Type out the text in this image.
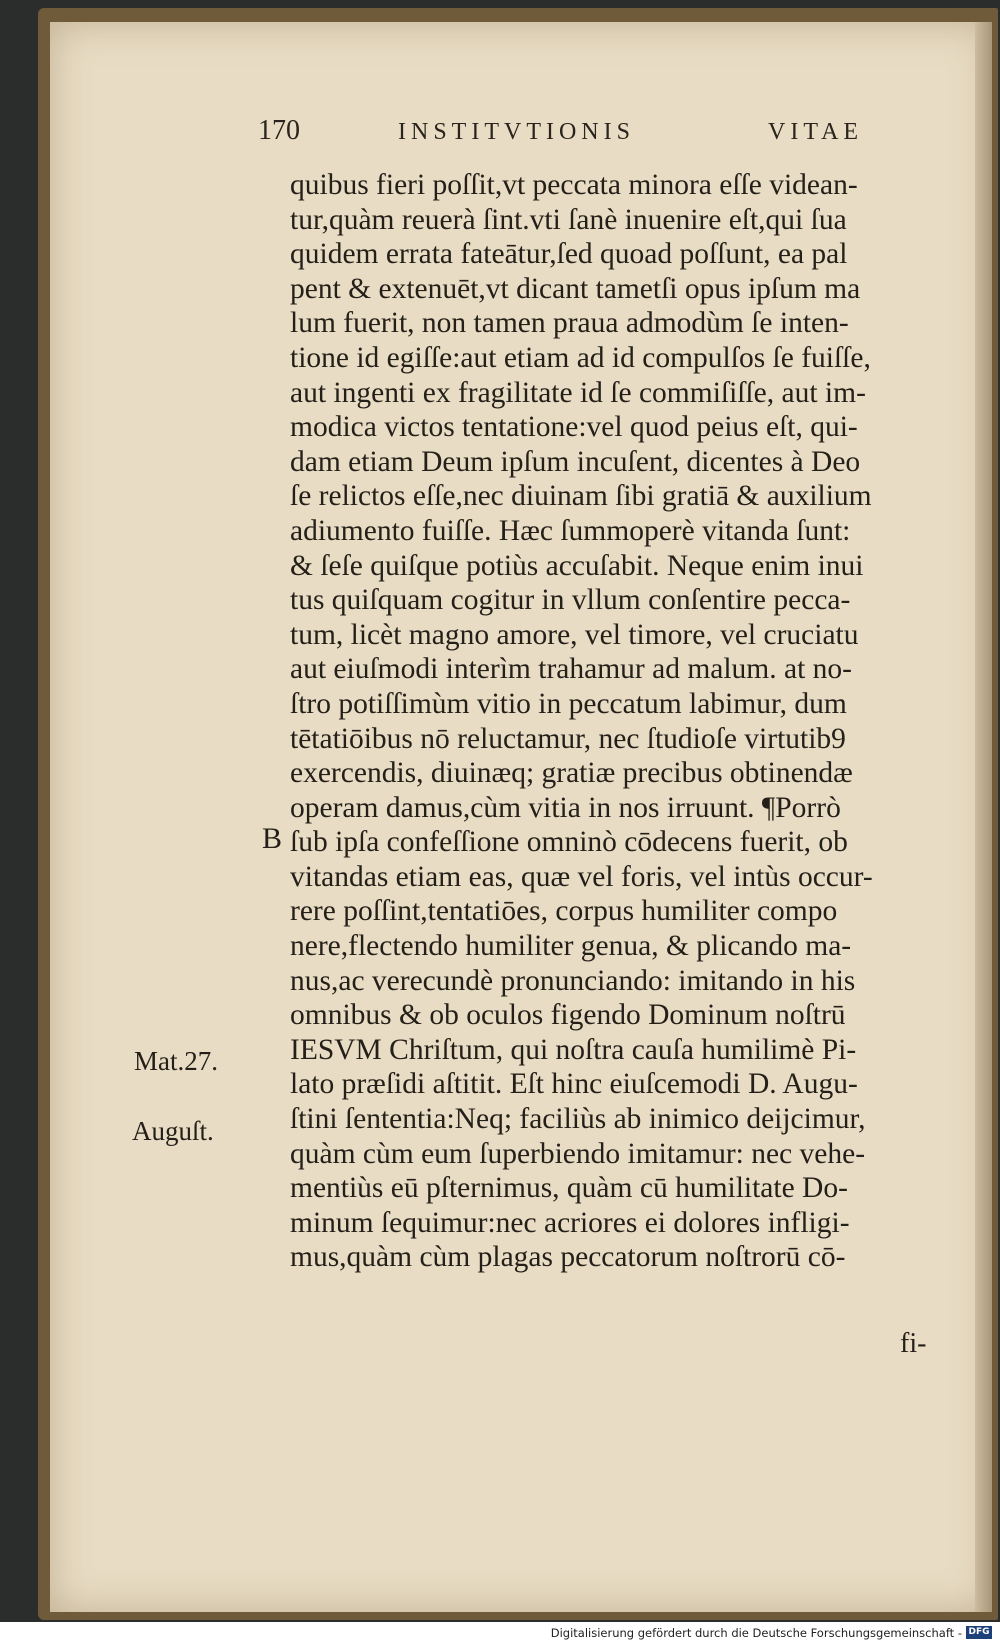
170	INSTITVTIONIS	VITAE
B
Mat.27.
Auguſt.
quibus fieri poſſit,vt peccata minora eſſe videan-
tur,quàm reuerà ſint.vti ſanè inuenire eſt,qui ſua
quidem errata fateātur,ſed quoad poſſunt, ea pal
pent & extenuēt,vt dicant tametſi opus ipſum ma
lum fuerit, non tamen praua admodùm ſe inten-
tione id egiſſe:aut etiam ad id compulſos ſe fuiſſe,
aut ingenti ex fragilitate id ſe commiſiſſe, aut im-
modica victos tentatione:vel quod peius eſt, qui-
dam etiam Deum ipſum incuſent, dicentes à Deo
ſe relictos eſſe,nec diuinam ſibi gratiā & auxilium
adiumento fuiſſe. Hæc ſummoperè vitanda ſunt:
& ſeſe quiſque potiùs accuſabit. Neque enim inui
tus quiſquam cogitur in vllum conſentire pecca-
tum, licèt magno amore, vel timore, vel cruciatu
aut eiuſmodi interìm trahamur ad malum. at no-
ſtro potiſſimùm vitio in peccatum labimur, dum
tētatiōibus nō reluctamur, nec ſtudioſe virtutib9
exercendis, diuinæq; gratiæ precibus obtinendæ
operam damus,cùm vitia in nos irruunt. ¶Porrò
ſub ipſa confeſſione omninò cōdecens fuerit, ob
vitandas etiam eas, quæ vel foris, vel intùs occur-
rere poſſint,tentatiōes, corpus humiliter compo
nere,flectendo humiliter genua, & plicando ma-
nus,ac verecundè pronunciando: imitando in his
omnibus & ob oculos figendo Dominum noſtrū
IESVM Chriſtum, qui noſtra cauſa humilimè Pi-
lato præſidi aſtitit. Eſt hinc eiuſcemodi D. Augu-
ſtini ſententia:Neq; faciliùs ab inimico deijcimur,
quàm cùm eum ſuperbiendo imitamur: nec vehe-
mentiùs eū pſternimus, quàm cū humilitate Do-
minum ſequimur:nec acriores ei dolores infligi-
mus,quàm cùm plagas peccatorum noſtrorū cō-
fi-
Digitalisierung gefördert durch die Deutsche Forschungsgemeinschaft - DFG
